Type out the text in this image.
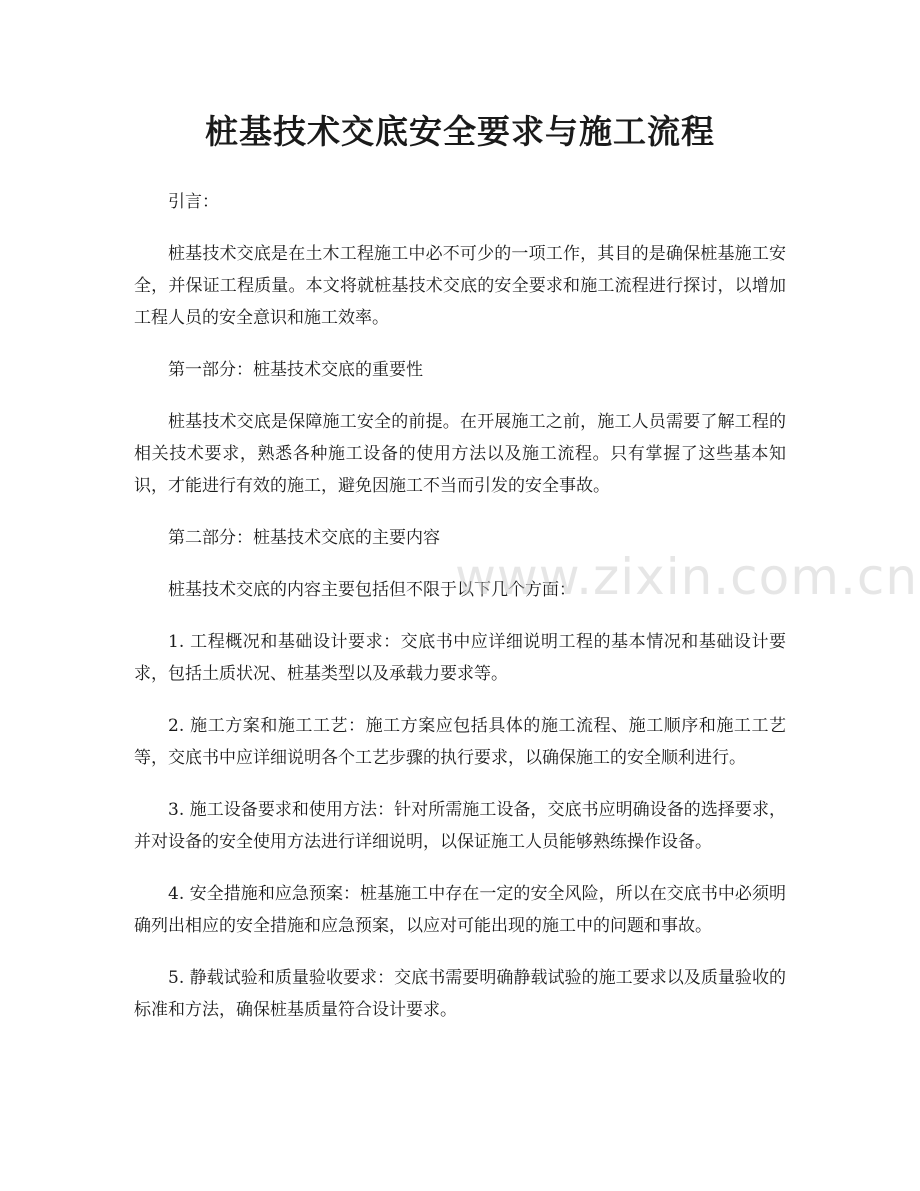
桩基技术交底安全要求与施工流程

引言：

桩基技术交底是在土木工程施工中必不可少的一项工作，其目的是确保桩基施工安全，并保证工程质量。本文将就桩基技术交底的安全要求和施工流程进行探讨，以增加工程人员的安全意识和施工效率。

第一部分：桩基技术交底的重要性

桩基技术交底是保障施工安全的前提。在开展施工之前，施工人员需要了解工程的相关技术要求，熟悉各种施工设备的使用方法以及施工流程。只有掌握了这些基本知识，才能进行有效的施工，避免因施工不当而引发的安全事故。

第二部分：桩基技术交底的主要内容

桩基技术交底的内容主要包括但不限于以下几个方面：

1. 工程概况和基础设计要求：交底书中应详细说明工程的基本情况和基础设计要求，包括土质状况、桩基类型以及承载力要求等。

2. 施工方案和施工工艺：施工方案应包括具体的施工流程、施工顺序和施工工艺等，交底书中应详细说明各个工艺步骤的执行要求，以确保施工的安全顺利进行。

3. 施工设备要求和使用方法：针对所需施工设备，交底书应明确设备的选择要求，并对设备的安全使用方法进行详细说明，以保证施工人员能够熟练操作设备。

4. 安全措施和应急预案：桩基施工中存在一定的安全风险，所以在交底书中必须明确列出相应的安全措施和应急预案，以应对可能出现的施工中的问题和事故。

5. 静载试验和质量验收要求：交底书需要明确静载试验的施工要求以及质量验收的标准和方法，确保桩基质量符合设计要求。

www.zixin.com.cn
